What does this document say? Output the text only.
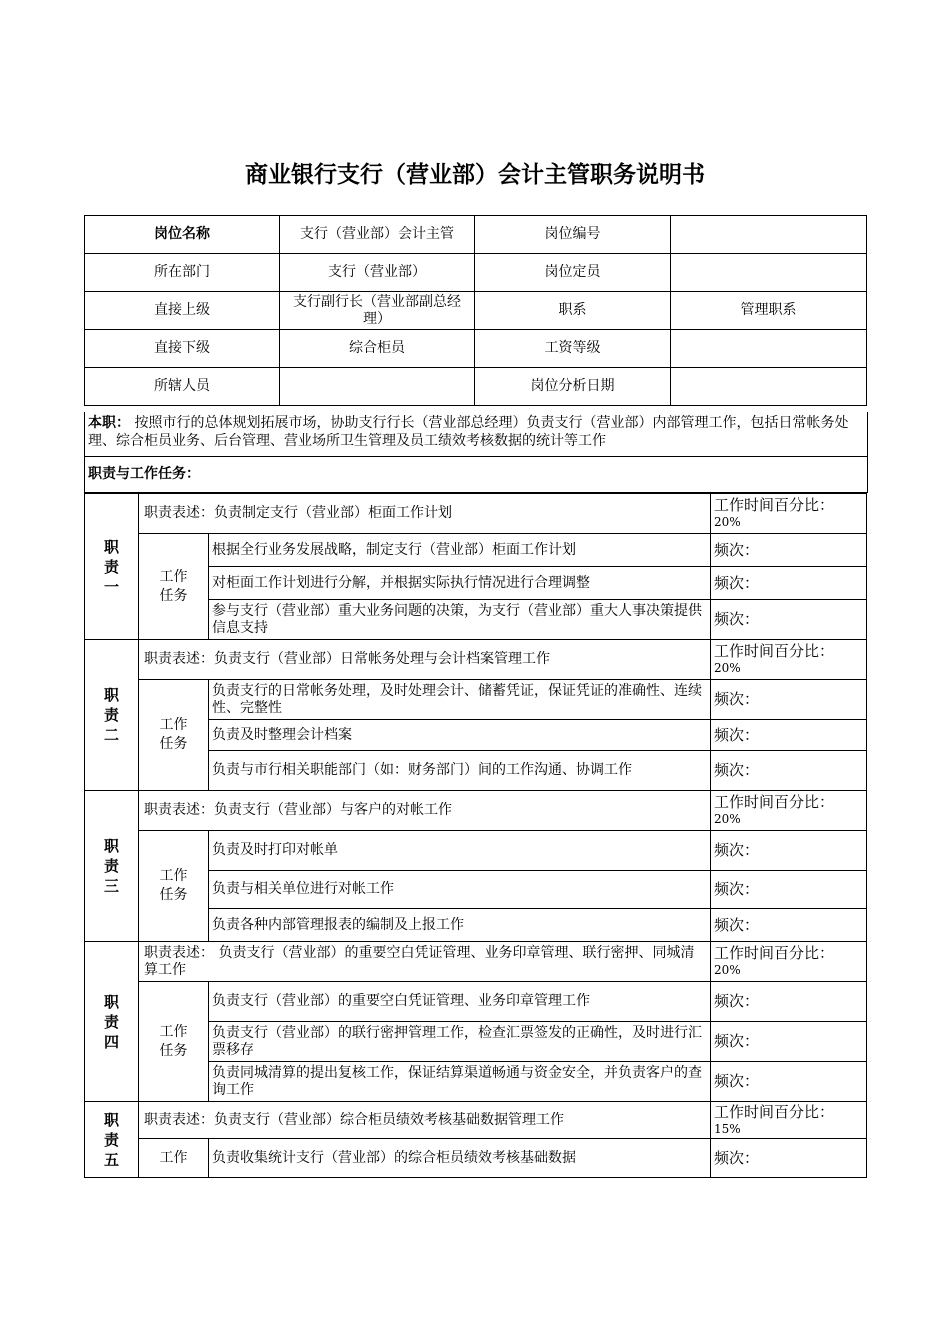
商业银行支行（营业部）会计主管职务说明书
岗位名称	支行（营业部）会计主管	岗位编号	
所在部门	支行（营业部）	岗位定员	
直接上级	支行副行长（营业部副总经理）	职系	管理职系
直接下级	综合柜员	工资等级	
所辖人员		岗位分析日期	
本职： 按照市行的总体规划拓展市场，协助支行行长（营业部总经理）负责支行（营业部）内部管理工作，包括日常帐务处理、综合柜员业务、后台管理、营业场所卫生管理及员工绩效考核数据的统计等工作
职责与工作任务：
职责一	职责表述：负责制定支行（营业部）柜面工作计划		工作时间百分比：
20%
	工作任务	根据全行业务发展战略，制定支行（营业部）柜面工作计划	频次：
		对柜面工作计划进行分解，并根据实际执行情况进行合理调整	频次：
		参与支行（营业部）重大业务问题的决策，为支行（营业部）重大人事决策提供信息支持	频次：
职责二	职责表述：负责支行（营业部）日常帐务处理与会计档案管理工作		工作时间百分比：
20%
	工作任务	负责支行的日常帐务处理，及时处理会计、储蓄凭证，保证凭证的准确性、连续性、完整性	频次：
		负责及时整理会计档案	频次：
		负责与市行相关职能部门（如：财务部门）间的工作沟通、协调工作	频次：
职责三	职责表述：负责支行（营业部）与客户的对帐工作		工作时间百分比：
20%
	工作任务	负责及时打印对帐单	频次：
		负责与相关单位进行对帐工作	频次：
		负责各种内部管理报表的编制及上报工作	频次：
职责四	职责表述： 负责支行（营业部）的重要空白凭证管理、业务印章管理、联行密押、同城清算工作		工作时间百分比：
20%
	工作任务	负责支行（营业部）的重要空白凭证管理、业务印章管理工作	频次：
		负责支行（营业部）的联行密押管理工作，检查汇票签发的正确性，及时进行汇票移存	频次：
		负责同城清算的提出复核工作，保证结算渠道畅通与资金安全，并负责客户的查询工作	频次：
职责五	职责表述：负责支行（营业部）综合柜员绩效考核基础数据管理工作		工作时间百分比：
15%
	工作	负责收集统计支行（营业部）的综合柜员绩效考核基础数据	频次：
